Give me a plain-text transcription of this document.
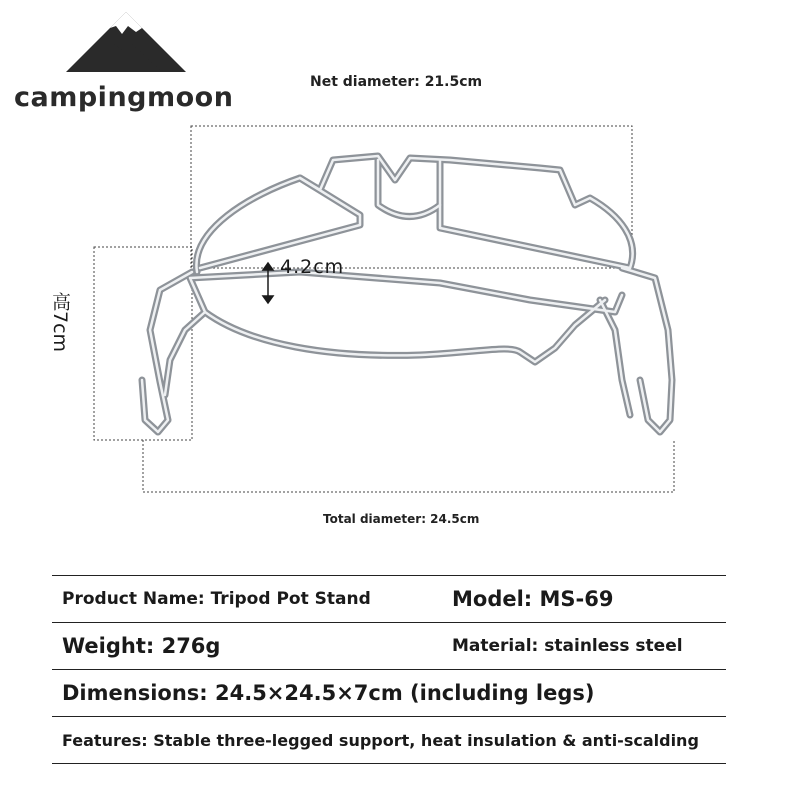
campingmoon	Net diameter: 21.5cm
高7cm
4.2cm
Total diameter: 24.5cm
Product Name: Tripod Pot Stand	Model: MS-69
Weight: 276g	Material: stainless steel
Dimensions: 24.5×24.5×7cm (including legs)
Features: Stable three-legged support, heat insulation & anti-scalding
